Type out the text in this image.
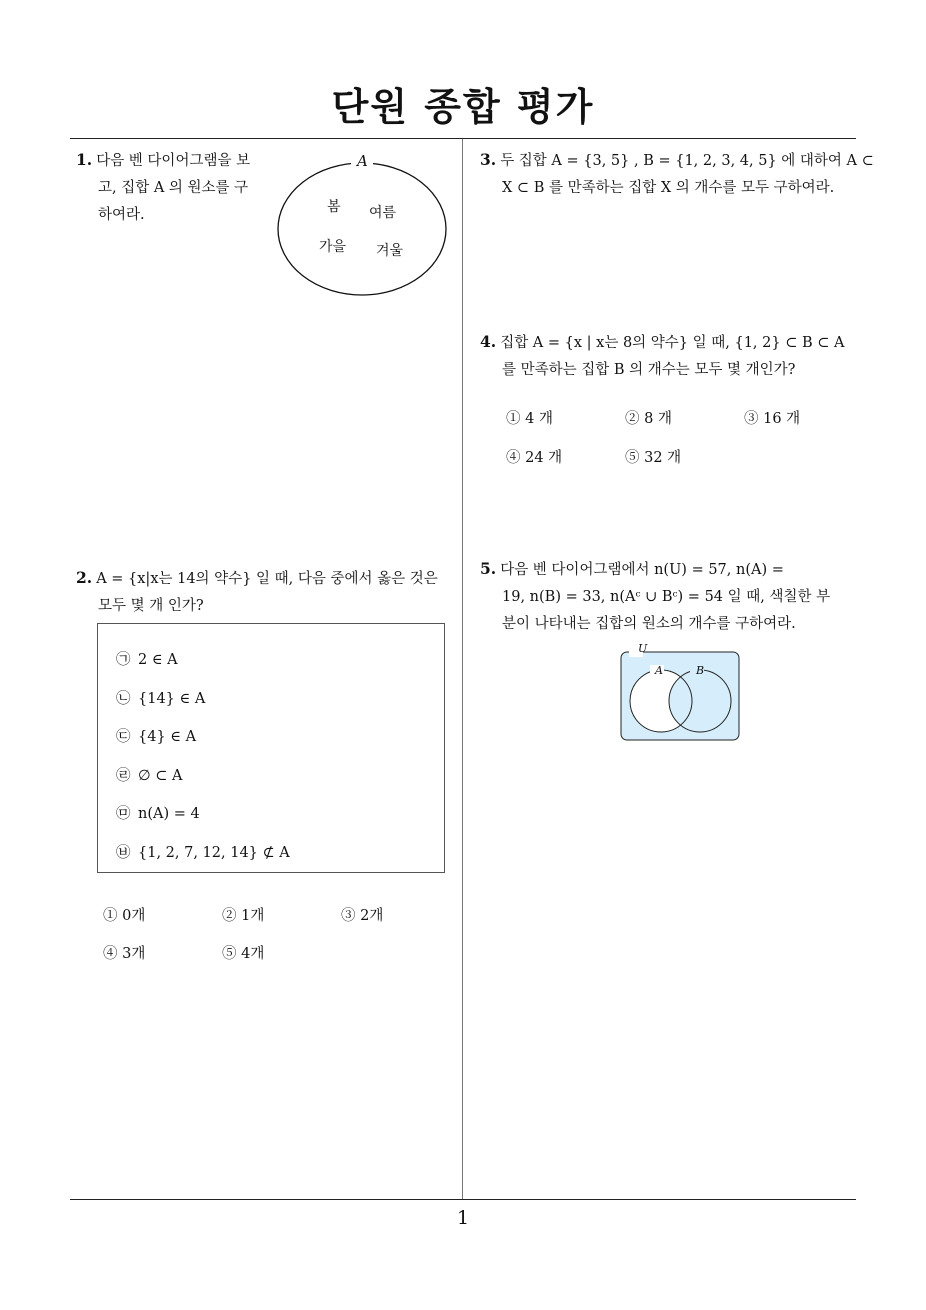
단원 종합 평가
1
1. 다음 벤 다이어그램을 보
고, 집합 A 의 원소를 구
하여라.
A
봄 여름
가을 겨울
2. A = {x|x는 14의 약수} 일 때, 다음 중에서 옳은 것은
모두 몇 개 인가?
㉠ 2 ∈ A
㉡ {14} ∈ A
㉢ {4} ∈ A
㉣ ∅ ⊂ A
㉤ n(A) = 4
㉥ {1, 2, 7, 12, 14} ⊄ A
① 0개	② 1개	③ 2개
④ 3개	⑤ 4개
3. 두 집합 A = {3, 5} , B = {1, 2, 3, 4, 5} 에 대하여 A ⊂
X ⊂ B 를 만족하는 집합 X 의 개수를 모두 구하여라.
4. 집합 A = {x | x는 8의 약수} 일 때, {1, 2} ⊂ B ⊂ A
를 만족하는 집합 B 의 개수는 모두 몇 개인가?
① 4 개	② 8 개	③ 16 개
④ 24 개	⑤ 32 개
5. 다음 벤 다이어그램에서 n(U) = 57, n(A) =
19, n(B) = 33, n(Aᶜ ∪ Bᶜ) = 54 일 때, 색칠한 부
분이 나타내는 집합의 원소의 개수를 구하여라.
U
A	B
